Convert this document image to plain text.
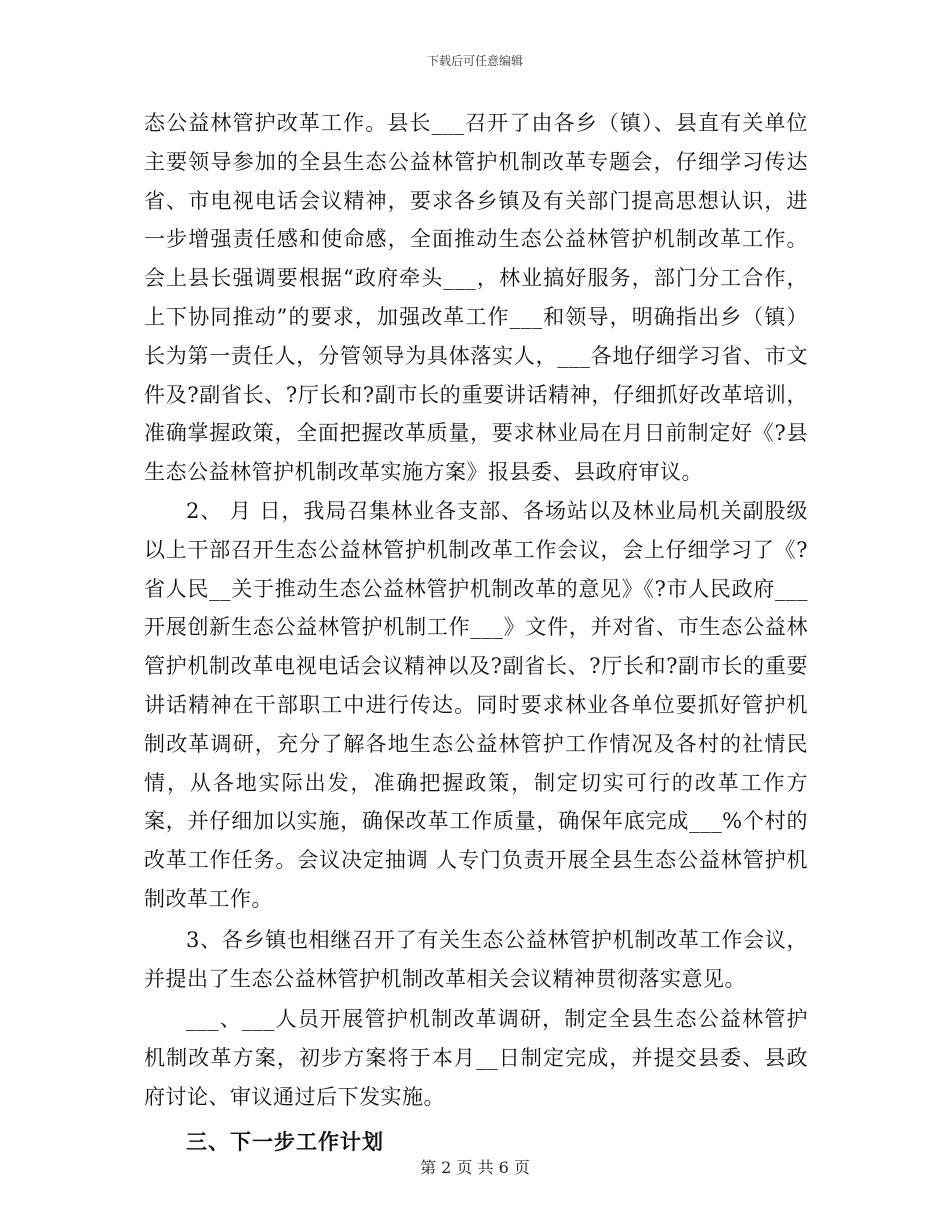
下载后可任意编辑

态公益林管护改革工作。县长___召开了由各乡（镇）、县直有关单位主要领导参加的全县生态公益林管护机制改革专题会，仔细学习传达省、市电视电话会议精神，要求各乡镇及有关部门提高思想认识，进一步增强责任感和使命感，全面推动生态公益林管护机制改革工作。会上县长强调要根据“政府牵头___，林业搞好服务，部门分工合作，上下协同推动”的要求，加强改革工作___和领导，明确指出乡（镇）长为第一责任人，分管领导为具体落实人，___各地仔细学习省、市文件及?副省长、?厅长和?副市长的重要讲话精神，仔细抓好改革培训，准确掌握政策，全面把握改革质量，要求林业局在月日前制定好《?县生态公益林管护机制改革实施方案》报县委、县政府审议。

2、 月 日，我局召集林业各支部、各场站以及林业局机关副股级以上干部召开生态公益林管护机制改革工作会议，会上仔细学习了《?省人民__关于推动生态公益林管护机制改革的意见》《?市人民政府___开展创新生态公益林管护机制工作___》文件，并对省、市生态公益林管护机制改革电视电话会议精神以及?副省长、?厅长和?副市长的重要讲话精神在干部职工中进行传达。同时要求林业各单位要抓好管护机制改革调研，充分了解各地生态公益林管护工作情况及各村的社情民情，从各地实际出发，准确把握政策，制定切实可行的改革工作方案，并仔细加以实施，确保改革工作质量，确保年底完成___%个村的改革工作任务。会议决定抽调 人专门负责开展全县生态公益林管护机制改革工作。

3、各乡镇也相继召开了有关生态公益林管护机制改革工作会议，并提出了生态公益林管护机制改革相关会议精神贯彻落实意见。

___、___人员开展管护机制改革调研，制定全县生态公益林管护机制改革方案，初步方案将于本月__日制定完成，并提交县委、县政府讨论、审议通过后下发实施。

三、下一步工作计划
第 2 页 共 6 页
